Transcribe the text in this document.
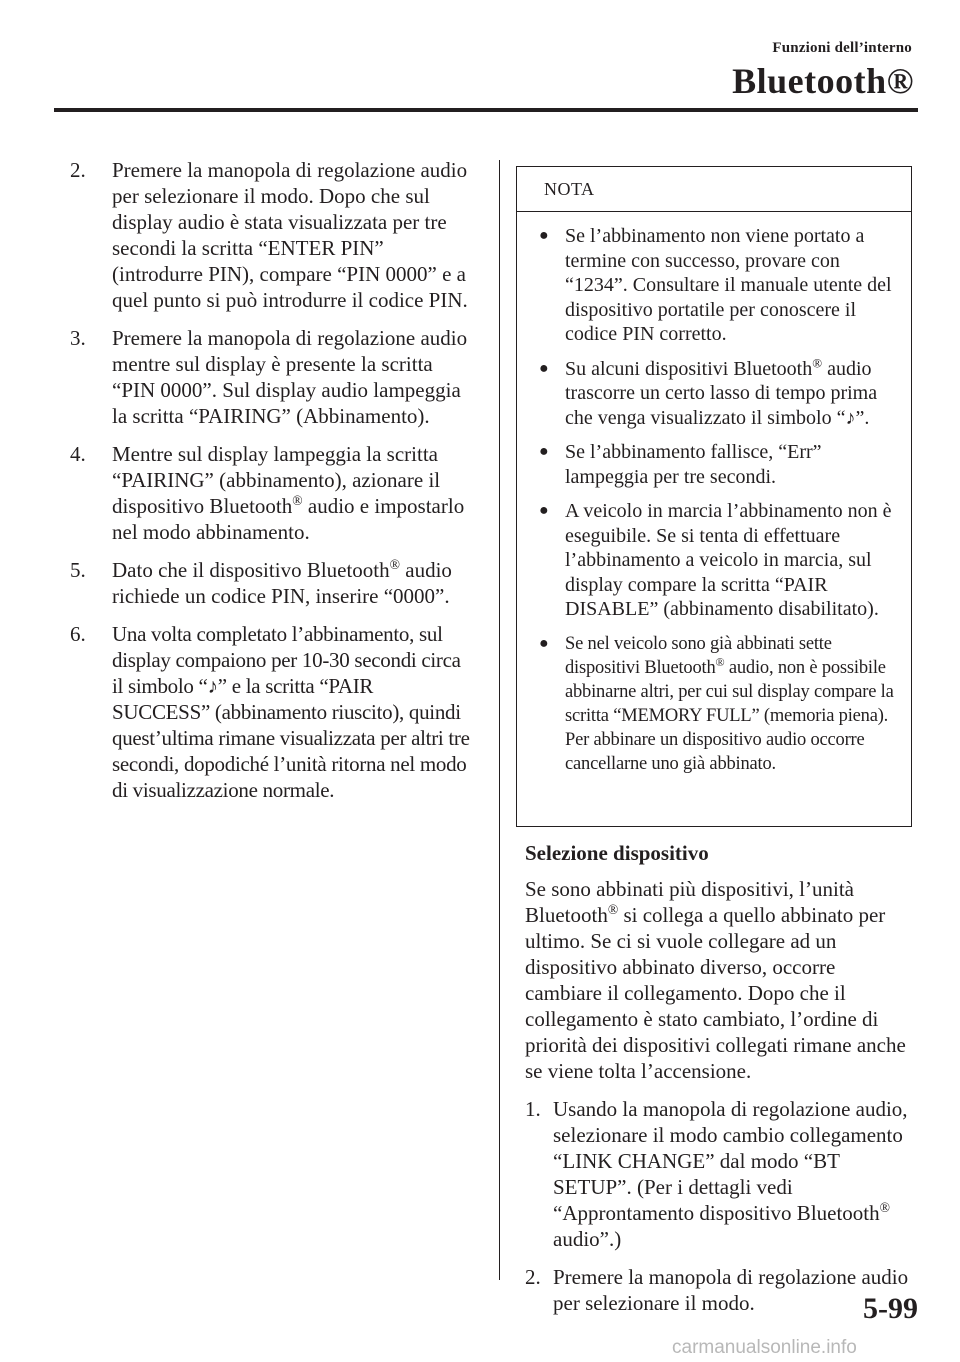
Funzioni dell’interno
Bluetooth®
2.	Premere la manopola di regolazione audio per selezionare il modo. Dopo che sul display audio è stata visualizzata per tre secondi la scritta “ENTER PIN” (introdurre PIN), compare “PIN 0000” e a quel punto si può introdurre il codice PIN.
3.	Premere la manopola di regolazione audio mentre sul display è presente la scritta “PIN 0000”. Sul display audio lampeggia la scritta “PAIRING” (Abbinamento).
4.	Mentre sul display lampeggia la scritta “PAIRING” (abbinamento), azionare il dispositivo Bluetooth® audio e impostarlo nel modo abbinamento.
5.	Dato che il dispositivo Bluetooth® audio richiede un codice PIN, inserire “0000”.
6.	Una volta completato l’abbinamento, sul display compaiono per 10-30 secondi circa il simbolo “♪” e la scritta “PAIR SUCCESS” (abbinamento riuscito), quindi quest’ultima rimane visualizzata per altri tre secondi, dopodiché l’unità ritorna nel modo di visualizzazione normale.
NOTA
● Se l’abbinamento non viene portato a termine con successo, provare con “1234”. Consultare il manuale utente del dispositivo portatile per conoscere il codice PIN corretto.
● Su alcuni dispositivi Bluetooth® audio trascorre un certo lasso di tempo prima che venga visualizzato il simbolo “♪”.
● Se l’abbinamento fallisce, “Err” lampeggia per tre secondi.
● A veicolo in marcia l’abbinamento non è eseguibile. Se si tenta di effettuare l’abbinamento a veicolo in marcia, sul display compare la scritta “PAIR DISABLE” (abbinamento disabilitato).
● Se nel veicolo sono già abbinati sette dispositivi Bluetooth® audio, non è possibile abbinarne altri, per cui sul display compare la scritta “MEMORY FULL” (memoria piena). Per abbinare un dispositivo audio occorre cancellarne uno già abbinato.
Selezione dispositivo
Se sono abbinati più dispositivi, l’unità Bluetooth® si collega a quello abbinato per ultimo. Se ci si vuole collegare ad un dispositivo abbinato diverso, occorre cambiare il collegamento. Dopo che il collegamento è stato cambiato, l’ordine di priorità dei dispositivi collegati rimane anche se viene tolta l’accensione.
1. Usando la manopola di regolazione audio, selezionare il modo cambio collegamento “LINK CHANGE” dal modo “BT SETUP”. (Per i dettagli vedi “Approntamento dispositivo Bluetooth® audio”.)
2. Premere la manopola di regolazione audio per selezionare il modo.	5-99
carmanualsonline.info
